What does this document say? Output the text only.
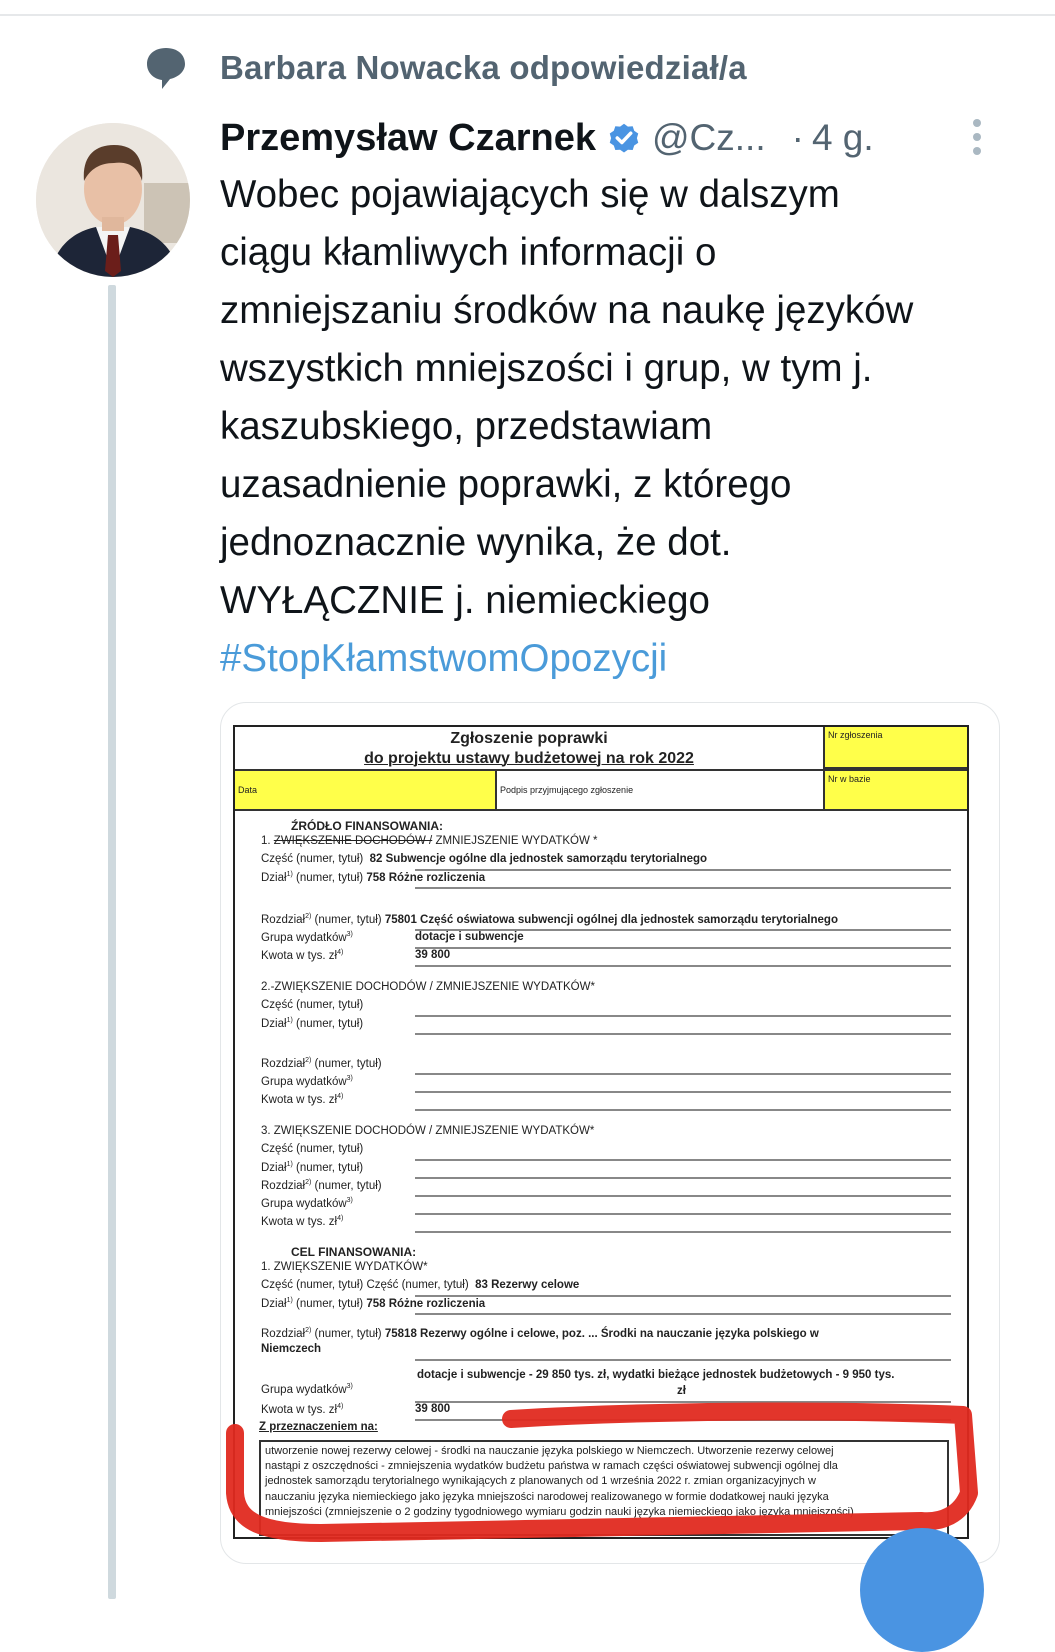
Barbara Nowacka odpowiedział/a
Przemysław Czarnek @Cz... · 4 g.
Wobec pojawiających się w dalszym
ciągu kłamliwych informacji o
zmniejszaniu środków na naukę języków
wszystkich mniejszości i grup, w tym j.
kaszubskiego, przedstawiam
uzasadnienie poprawki, z którego
jednoznacznie wynika, że dot.
WYŁĄCZNIE j. niemieckiego
#StopKłamstwomOpozycji
Zgłoszenie poprawki
do projektu ustawy budżetowej na rok 2022
Nr zgłoszenia
Data	Podpis przyjmującego zgłoszenie
Nr w bazie
ŹRÓDŁO FINANSOWANIA:
1. ZWIĘKSZENIE DOCHODÓW / ZMNIEJSZENIE WYDATKÓW *
Część (numer, tytuł) 82 Subwencje ogólne dla jednostek samorządu terytorialnego
Dział$^{1)}$ (numer, tytuł) 758 Różne rozliczenia
Rozdział$^{2)}$ (numer, tytuł) 75801 Część oświatowa subwencji ogólnej dla jednostek samorządu terytorialnego
Grupa wydatków$^{3)}$	dotacje i subwencje
Kwota w tys. $zł^{4)}$	39 800
2.-ZWIĘKSZENIE DOCHODÓW / ZMNIEJSZENIE WYDATKÓW*
Część (numer, tytuł)
Dział$^{1)}$ (numer, tytuł)
Rozdział$^{2)}$ (numer, tytuł)
Grupa wydatków$^{3)}$
Kwota w tys. $zł^{4)}$
3. ZWIĘKSZENIE DOCHODÓW / ZMNIEJSZENIE WYDATKÓW*
Część (numer, tytuł)
Dział$^{1)}$ (numer, tytuł)
Rozdział$^{2)}$ (numer, tytuł)
Grupa wydatków$^{3)}$
Kwota w tys. $zł^{4)}$
CEL FINANSOWANIA:
1. ZWIĘKSZENIE WYDATKÓW*
Część (numer, tytuł) Część (numer, tytuł) 83 Rezerwy celowe
Dział$^{1)}$ (numer, tytuł) 758 Różne rozliczenia
Rozdział$^{2)}$ (numer, tytuł) 75818 Rezerwy ogólne i celowe, poz. ... Środki na nauczanie języka polskiego w
Niemczech
dotacje i subwencje - 29 850 tys. zł, wydatki bieżące jednostek budżetowych - 9 950 tys.
zł
Grupa wydatków$^{3)}$
Kwota w tys. $zł^{4)}$	39 800
Z przeznaczeniem na:
utworzenie nowej rezerwy celowej - środki na nauczanie języka polskiego w Niemczech. Utworzenie rezerwy celowej
nastąpi z oszczędności - zmniejszenia wydatków budżetu państwa w ramach części oświatowej subwencji ogólnej dla
jednostek samorządu terytorialnego wynikających z planowanych od 1 września 2022 r. zmian organizacyjnych w
nauczaniu języka niemieckiego jako języka mniejszości narodowej realizowanego w formie dodatkowej nauki języka
mniejszości (zmniejszenie o 2 godziny tygodniowego wymiaru godzin nauki języka niemieckiego jako języka mniejszości)
